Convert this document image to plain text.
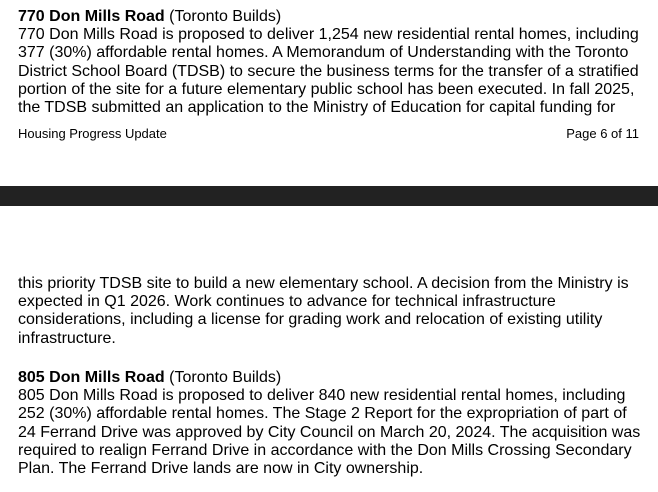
770 Don Mills Road (Toronto Builds)
770 Don Mills Road is proposed to deliver 1,254 new residential rental homes, including
377 (30%) affordable rental homes. A Memorandum of Understanding with the Toronto
District School Board (TDSB) to secure the business terms for the transfer of a stratified
portion of the site for a future elementary public school has been executed. In fall 2025,
the TDSB submitted an application to the Ministry of Education for capital funding for
Housing Progress Update	Page 6 of 11
this priority TDSB site to build a new elementary school. A decision from the Ministry is
expected in Q1 2026. Work continues to advance for technical infrastructure
considerations, including a license for grading work and relocation of existing utility
infrastructure.
805 Don Mills Road (Toronto Builds)
805 Don Mills Road is proposed to deliver 840 new residential rental homes, including
252 (30%) affordable rental homes. The Stage 2 Report for the expropriation of part of
24 Ferrand Drive was approved by City Council on March 20, 2024. The acquisition was
required to realign Ferrand Drive in accordance with the Don Mills Crossing Secondary
Plan. The Ferrand Drive lands are now in City ownership.
